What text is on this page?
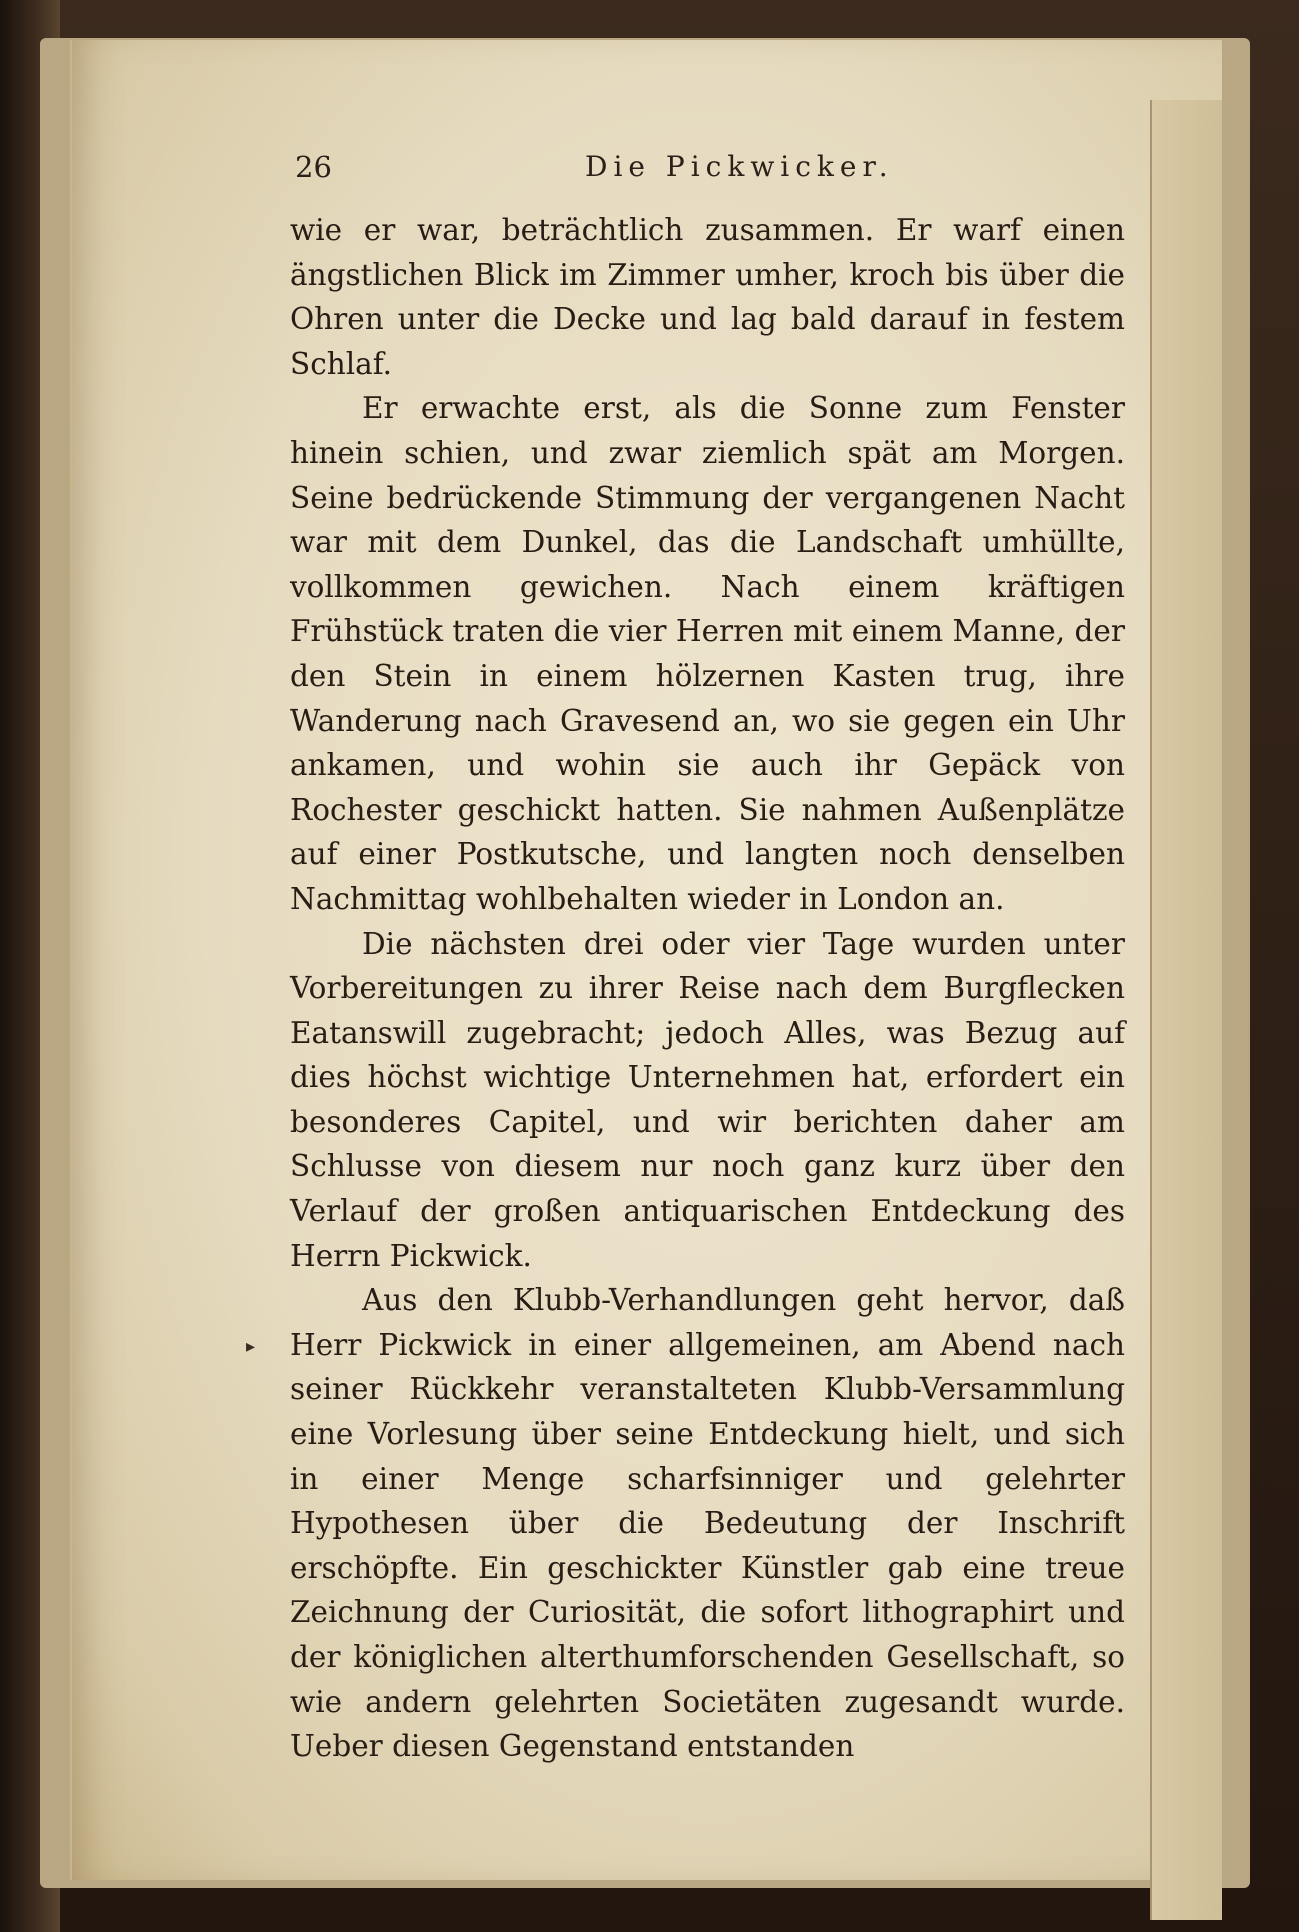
26	Die Pickwicker.
▸

wie er war, beträchtlich zusammen. Er warf einen ängstlichen Blick im Zimmer umher, kroch bis über die Ohren unter die Decke und lag bald darauf in festem Schlaf.

Er erwachte erst, als die Sonne zum Fenster hinein schien, und zwar ziemlich spät am Morgen. Seine bedrückende Stimmung der vergangenen Nacht war mit dem Dunkel, das die Landschaft umhüllte, vollkommen gewichen. Nach einem kräftigen Frühstück traten die vier Herren mit einem Manne, der den Stein in einem hölzernen Kasten trug, ihre Wanderung nach Gravesend an, wo sie gegen ein Uhr ankamen, und wohin sie auch ihr Gepäck von Rochester geschickt hatten. Sie nahmen Außenplätze auf einer Postkutsche, und langten noch denselben Nachmittag wohlbehalten wieder in London an.

Die nächsten drei oder vier Tage wurden unter Vorbereitungen zu ihrer Reise nach dem Burgflecken Eatanswill zugebracht; jedoch Alles, was Bezug auf dies höchst wichtige Unternehmen hat, erfordert ein besonderes Capitel, und wir berichten daher am Schlusse von diesem nur noch ganz kurz über den Verlauf der großen antiquarischen Entdeckung des Herrn Pickwick.

Aus den Klubb-Verhandlungen geht hervor, daß Herr Pickwick in einer allgemeinen, am Abend nach seiner Rückkehr veranstalteten Klubb-Versammlung eine Vorlesung über seine Entdeckung hielt, und sich in einer Menge scharfsinniger und gelehrter Hypothesen über die Bedeutung der Inschrift erschöpfte. Ein geschickter Künstler gab eine treue Zeichnung der Curiosität, die sofort lithographirt und der königlichen alterthumforschenden Gesellschaft, so wie andern gelehrten Societäten zugesandt wurde. Ueber diesen Gegenstand entstanden
